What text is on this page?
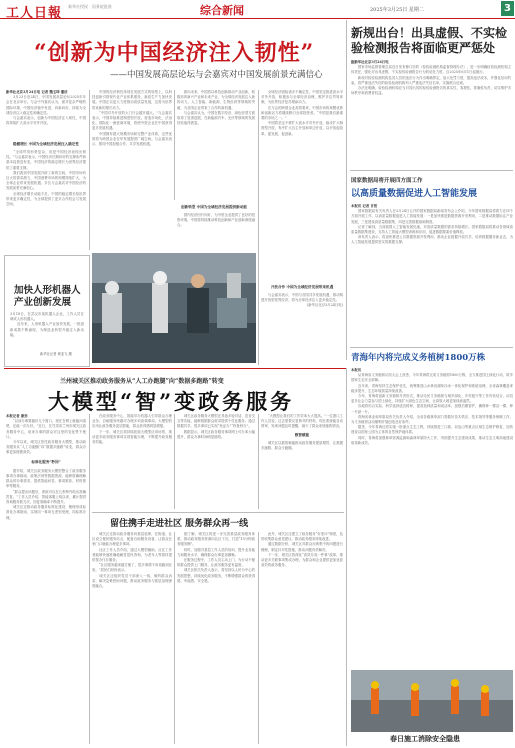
工人日報 新华社授权 · 国务院批准	综合新闻	2025年3月25日 星期二	3
“创新为中国经济注入韧性”
——中国发展高层论坛与会嘉宾对中国发展前景充满信心
新华社北京3月24日电 记者 魏玉坤 潘洁
　　3月23日至24日，中国发展高层论坛2025年年会在北京举行。与会中外嘉宾认为，面对复杂严峻的国际环境，中国经济稳中有进、向新向好，持续为全球经济注入稳定性和确定性。
　　与会嘉宾表示，创新为中国经济注入韧性，中国将持续扩大高水平对外开放。
稳健增长 中国为全球经济发展注入确定性
　　“全球贸易形势复杂，但是中国经济表现出韧性。”与会嘉宾表示，中国经济长期向好的支撑条件和基本趋势没有变，中国经济的稳定增长为世界经济提供了重要支撑。
　　我们看到中国发展开辟了新的空间，中国市场有巨大的需求潜力，中国消费市场的规模持续扩大，为全球企业带来发展机遇。多位与会嘉宾对中国经济的发展前景充满信心。
　　全球经济增长动能不足，中国的稳定增长给世界带来更多确定性，为全球提供了更多合作机会与发展空间。
　　中国的经济韧性体现在发展方式的转型上，以科技创新引领现代化产业体系建设，新质生产力加快发展。中国正以更大力度推动高质量发展，这将为世界带来新的增长动力。
　　“中国对外开放的大门只会越开越大。”与会嘉宾表示，中国持续推进制度型开放，营造市场化、法治化、国际化一流营商环境，将使外资企业在中国获得更多发展机遇。
　　中国拥有超大规模市场和完整产业体系，这些优势将为跨国企业在华发展提供广阔空间。与会嘉宾表示，愿同中国加强合作，共享发展机遇。
创新转型 中国为全球经济发展提供新动能
　　面向未来，中国将以科技创新推动产业创新，积极培育新兴产业和未来产业，为全球经济发展注入新的动力。人工智能、新能源、生物医药等领域的突破，为各国企业带来了合作的新机遇。
　　与会嘉宾认为，中国在数字经济、绿色转型方面取得了显著进展，在新能源汽车、光伏等领域的发展经验值得借鉴。
　　国内经济回升向好，为外资企业提供了良好的投资环境。中国将持续推动科技创新和产业创新深度融合。
　　全球经济面临诸多不确定性，中国坚定推进高水平对外开放，积极参与全球经济治理，维护多边贸易体制，为世界经济复苏增添动力。
　　在与会的跨国企业高管看来，中国市场的规模优势和创新活力将继续吸引全球投资者。“中国是我们最重要的市场之一。”
　　中国将坚定不移扩大高水平对外开放，稳步扩大制度型开放，有序扩大自主开放和单边开放，以开放促改革、促发展、促创新。
开放合作 中国为全球经济发展带来机遇
　　与会嘉宾表示，中国与各国共享发展机遇，推动构建开放型世界经济，将为全球经济注入更多稳定性。
(新华社北京3月24日电)
加快人形机器人产业创新发展
3月18日，在武汉市某机器人企业，工作人员在调试人形机器人。
　　近年来，人形机器人产业加快发展，一批创新成果不断涌现，为制造业转型升级注入新动能。
新华社记者 黄亚飞 摄
新规出台！出具虚假、不实检验检测报告将面临更严惩处
据新华社北京3月24日电
　　国家市场监督管理总局近日发布修订后的《检验检测机构监督管理办法》，进一步明确检验检测机构主体责任，强化对出具虚假、不实检验检测报告行为的惩处力度，自2025年6月1日起施行。
　　新规对检验检测机构及其人员的违法行为作出明确界定，加大处罚力度，提高违法成本，并强化信用约束，将严重违法失信的检验检测机构列入严重违法失信名单，实施联合惩戒。
　　办法还明确，检验检测机构应当对其出具的检验检测报告的真实性、客观性、准确性负责，切实维护市场秩序和消费者权益。
国家数据局将开展四方面工作
以高质量数据促进人工智能发展
本报讯 记者 甘皙
　　国家数据局有关负责人在3月24日召开的国家数据局新闻发布会上介绍，今年国家数据局将着力在四个方面开展工作，以高质量数据促进人工智能发展：一是加快推进数据资源开发利用，二是推动数据标注产业发展，三是建设高质量数据集，四是完善数据基础制度。
　　记者了解到，当前我国人工智能发展迅速，对高质量数据的需求持续增长。国家数据局将推动各领域高质量数据集建设，支持人工智能大模型训练和应用，促进数据要素价值释放。
　　该负责人表示，将加快推进公共数据资源开发利用，推动企业数据开放共享，培育数据服务新业态，为人工智能发展提供坚实的数据支撑。
青海年内将完成义务植树1800万株
本报讯
　　从青海省义务植树动员大会上获悉，今年青海将完成义务植树1800万株，全力推进国土绿化行动，筑牢国家生态安全屏障。
　　近年来，青海坚持生态保护优先，统筹推进山水林田湖草沙冰一体化保护和系统治理，全省森林覆盖率稳步提升，生态环境质量持续改善。
　　今年，青海将创新义务植树尽责形式，推动全民义务植树与城乡绿化、乡村振兴等工作有机结合，动员更多社会力量参与国土绿化，持续扩大绿色生态空间，让高原大地更加绿意盎然。
　　各地将结合实际，科学选择适宜树种，提高造林质量和成活率，加强后期管护，确保种一棵活一棵、种一片绿一片。
　　青海省林业和草原局有关负责人介绍，全省各级林草部门将做好苗木供应、技术指导等服务保障工作，为义务植树活动顺利开展创造良好条件。
　　据悉，今年青海还将实施一批重点生态工程，持续推进三江源、祁连山等重点区域生态保护修复，加快建设以国家公园为主体的自然保护地体系。
　　同时，青海将加强林草资源监测和森林草原防火工作，巩固提升生态建设成果，推动生态文明高地建设取得新成效。
春日施工消除安全隐患
兰州城关区推动政务服务从“人工办跑腿”向“数据多跑路”转变
大模型“智”变政务服务
本报记者 康劲
　　“以前办事要跑好几个窗口，现在在网上就能问清楚，还能一次办好。”近日，在甘肃省兰州市城关区政务服务中心，前来办事的群众对这里的变化赞不绝口。
　　今年以来，城关区依托政务服务大模型，推动政务服务从“人工办跑腿”向“数据多跑路”转变，群众办事更加便捷高效。
标准化服务“秒回”
　　据介绍，城关区政务服务大模型整合了政务服务事项办事指南、政策法规等数据资源，能够准确理解群众的办事需求，提供智能问答、事项推荐、材料预审等服务。
　　“群众提出问题后，系统可以在几秒钟内给出准确答复。”工作人员介绍，智能客服上线以来，累计提供咨询服务数万次，回复准确率不断提升。
　　城关区还推动政务服务标准化建设，梳理形成标准化办事指南，实现同一事项无差别受理、同标准办理。
　　在政务服务中心，智能导办机器人引导群众办理业务，自助服务终端可办理多项高频事项。大模型的应用让政务服务更加智能，群众获得感明显增强。
　　下一步，城关区将持续拓展大模型应用场景，推动更多政务服务事项实现智能办理，不断提升政务服务效能。
　　城关区政务服务大模型还具备多轮对话、语音交互等功能，能够根据群众需求提供个性化服务。通过数据共享，很多事项已实现“免证办”“秒批秒办”。
　　数据显示，城关区政务服务事项网上可办率大幅提升，群众办事时间明显缩短。
　　“大模型让我们的工作效率大大提高。”一位窗口工作人员说，过去需要反复核对的材料，现在系统能自动预审，发现问题及时提醒，减少了群众来回跑的情况。
数智赋能
　　城关区以数智赋能推动政务服务提质增效，让数据多跑路、群众少跑腿。
留住携手走进社区 服务群众再一线
　　城关区还推动政务服务向基层延伸，在街道、社区设立便民服务站点，配备自助服务设备，让群众在家门口就能办理更多事项。
　　社区工作人员介绍，通过大模型辅助，社区工作者能够快速准确地解答居民咨询，为老年人等群体提供帮办代办服务。
　　“社区服务越来越方便了，很多事情不用再跑到区里。”居民们纷纷表示。
　　城关区还组织党员干部深入一线，倾听群众诉求，解决急难愁盼问题，推动政务服务与基层治理深度融合。
　　据了解，城关区将进一步完善基层政务服务体系，推动政务服务资源向社区下沉，打造“15分钟政务服务圈”。
　　同时，加强对基层工作人员的培训，提升业务能力和服务水平，确保群众办事更加顺畅。
　　在服务过程中，工作人员主动上门，为行动不便的群众提供上门服务，让政务服务更有温度。
　　城关区相关负责人表示，将坚持以人民为中心的发展思想，持续优化政务服务，不断增强群众的获得感、幸福感、安全感。
　　此外，城关区还建立了政务服务“好差评”制度，及时收集群众意见建议，推动政务服务持续改进。
　　通过数据分析，城关区对群众反映集中的问题进行梳理，制定针对性措施，推动问题有效解决。
　　下一步，城关区将深化“高效办成一件事”改革，推动更多关联事项集成办理，为群众和企业提供更加优质高效的政务服务。
